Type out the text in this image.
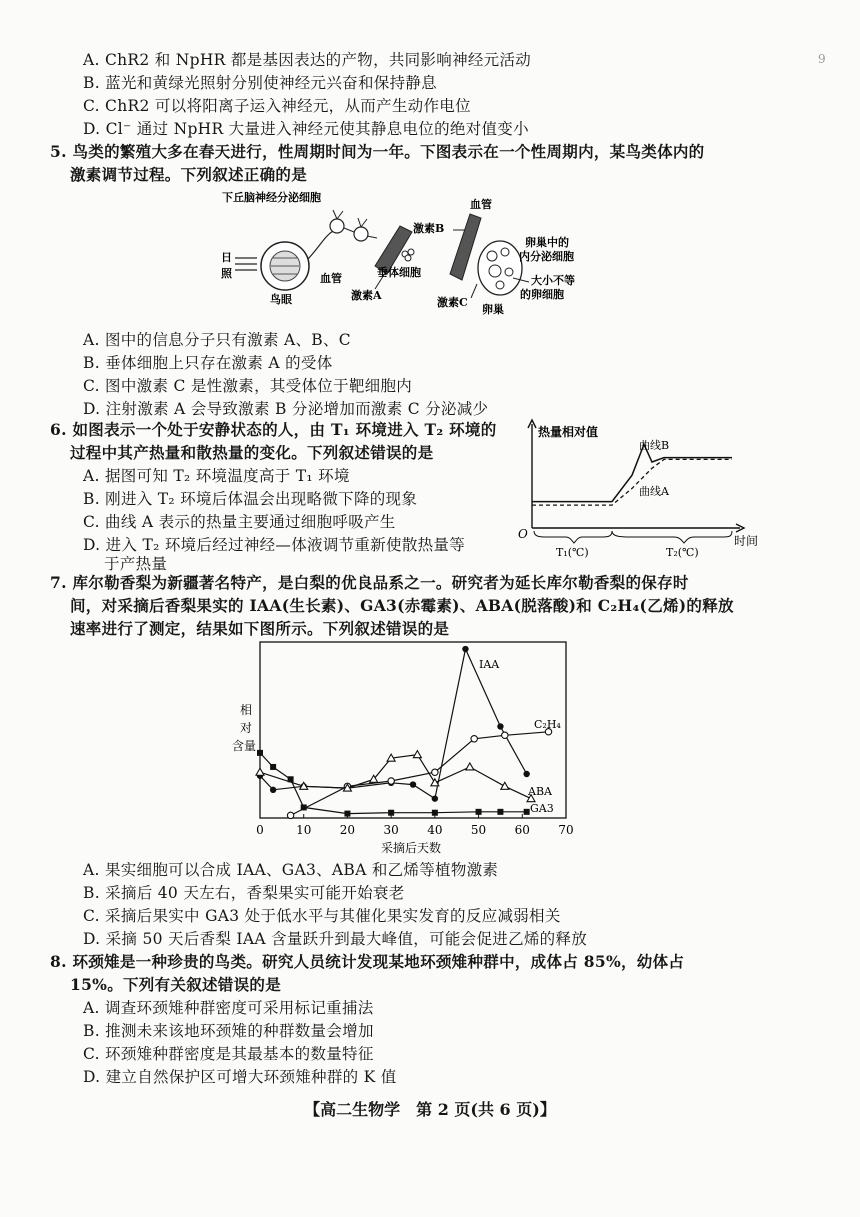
9
A. ChR2 和 NpHR 都是基因表达的产物，共同影响神经元活动
B. 蓝光和黄绿光照射分别使神经元兴奋和保持静息
C. ChR2 可以将阳离子运入神经元，从而产生动作电位
D. Cl⁻ 通过 NpHR 大量进入神经元使其静息电位的绝对值变小
5. 鸟类的繁殖大多在春天进行，性周期时间为一年。下图表示在一个性周期内，某鸟类体内的
激素调节过程。下列叙述正确的是
下丘脑神经分泌细胞
日
照
鸟眼
血管
激素A
垂体细胞
激素B
血管
激素C
卵巢中的
内分泌细胞
大小不等
的卵细胞
卵巢
A. 图中的信息分子只有激素 A、B、C
B. 垂体细胞上只存在激素 A 的受体
C. 图中激素 C 是性激素，其受体位于靶细胞内
D. 注射激素 A 会导致激素 B 分泌增加而激素 C 分泌减少
6. 如图表示一个处于安静状态的人，由 T₁ 环境进入 T₂ 环境的
过程中其产热量和散热量的变化。下列叙述错误的是
A. 据图可知 T₂ 环境温度高于 T₁ 环境
B. 刚进入 T₂ 环境后体温会出现略微下降的现象
C. 曲线 A 表示的热量主要通过细胞呼吸产生
D. 进入 T₂ 环境后经过神经—体液调节重新使散热量等
于产热量
热量相对值
O	时间
T₁(℃)	T₂(℃)
曲线B
曲线A
7. 库尔勒香梨为新疆著名特产，是白梨的优良品系之一。研究者为延长库尔勒香梨的保存时
间，对采摘后香梨果实的 IAA(生长素)、GA3(赤霉素)、ABA(脱落酸)和 C₂H₄(乙烯)的释放
速率进行了测定，结果如下图所示。下列叙述错误的是
相
对
含量
0	10 20 30 40 50 60 70
采摘后天数
IAA
C₂H₄
ABA
GA3
A. 果实细胞可以合成 IAA、GA3、ABA 和乙烯等植物激素
B. 采摘后 40 天左右，香梨果实可能开始衰老
C. 采摘后果实中 GA3 处于低水平与其催化果实发育的反应减弱相关
D. 采摘 50 天后香梨 IAA 含量跃升到最大峰值，可能会促进乙烯的释放
8. 环颈雉是一种珍贵的鸟类。研究人员统计发现某地环颈雉种群中，成体占 85%，幼体占
15%。下列有关叙述错误的是
A. 调查环颈雉种群密度可采用标记重捕法
B. 推测未来该地环颈雉的种群数量会增加
C. 环颈雉种群密度是其最基本的数量特征
D. 建立自然保护区可增大环颈雉种群的 K 值
【高二生物学　第 2 页(共 6 页)】
